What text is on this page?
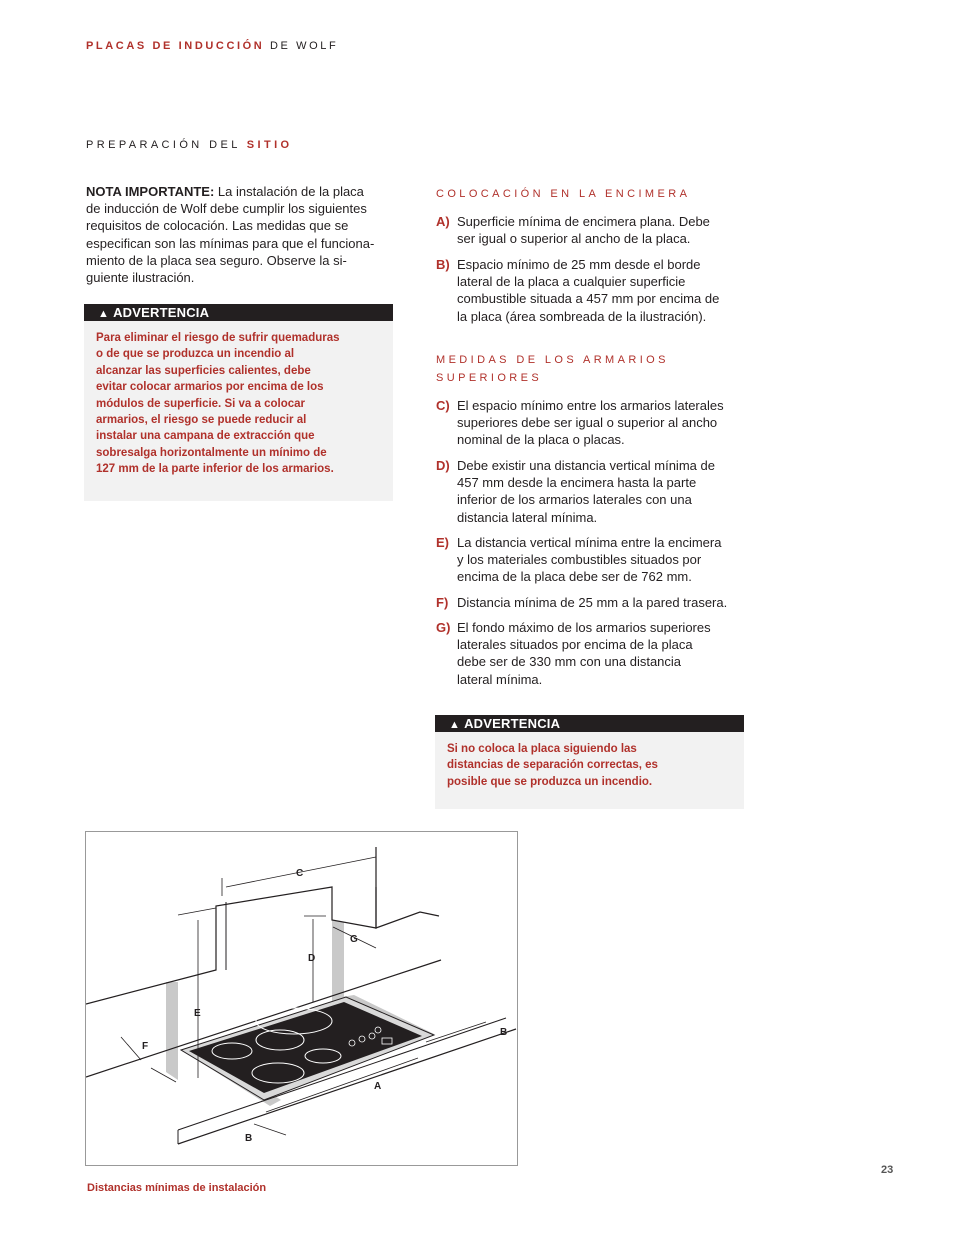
PLACAS DE INDUCCIÓN DE WOLF
PREPARACIÓN DEL SITIO
NOTA IMPORTANTE: La instalación de la placa
de inducción de Wolf debe cumplir los siguientes
requisitos de colocación. Las medidas que se
especifican son las mínimas para que el funciona-
miento de la placa sea seguro. Observe la si-
guiente ilustración.
▲ ADVERTENCIA
Para eliminar el riesgo de sufrir quemaduras
o de que se produzca un incendio al
alcanzar las superficies calientes, debe
evitar colocar armarios por encima de los
módulos de superficie. Si va a colocar
armarios, el riesgo se puede reducir al
instalar una campana de extracción que
sobresalga horizontalmente un mínimo de
127 mm de la parte inferior de los armarios.
COLOCACIÓN EN LA ENCIMERA
A) Superficie mínima de encimera plana. Debe
ser igual o superior al ancho de la placa.
B) Espacio mínimo de 25 mm desde el borde
lateral de la placa a cualquier superficie
combustible situada a 457 mm por encima de
la placa (área sombreada de la ilustración).
MEDIDAS DE LOS ARMARIOS
SUPERIORES
C) El espacio mínimo entre los armarios laterales
superiores debe ser igual o superior al ancho
nominal de la placa o placas.
D) Debe existir una distancia vertical mínima de
457 mm desde la encimera hasta la parte
inferior de los armarios laterales con una
distancia lateral mínima.
E) La distancia vertical mínima entre la encimera
y los materiales combustibles situados por
encima de la placa debe ser de 762 mm.
F) Distancia mínima de 25 mm a la pared trasera.
G) El fondo máximo de los armarios superiores
laterales situados por encima de la placa
debe ser de 330 mm con una distancia
lateral mínima.
▲ ADVERTENCIA
Si no coloca la placa siguiendo las
distancias de separación correctas, es
posible que se produzca un incendio.
C
G
D
E
B
F
A
B
Distancias mínimas de instalación
23
